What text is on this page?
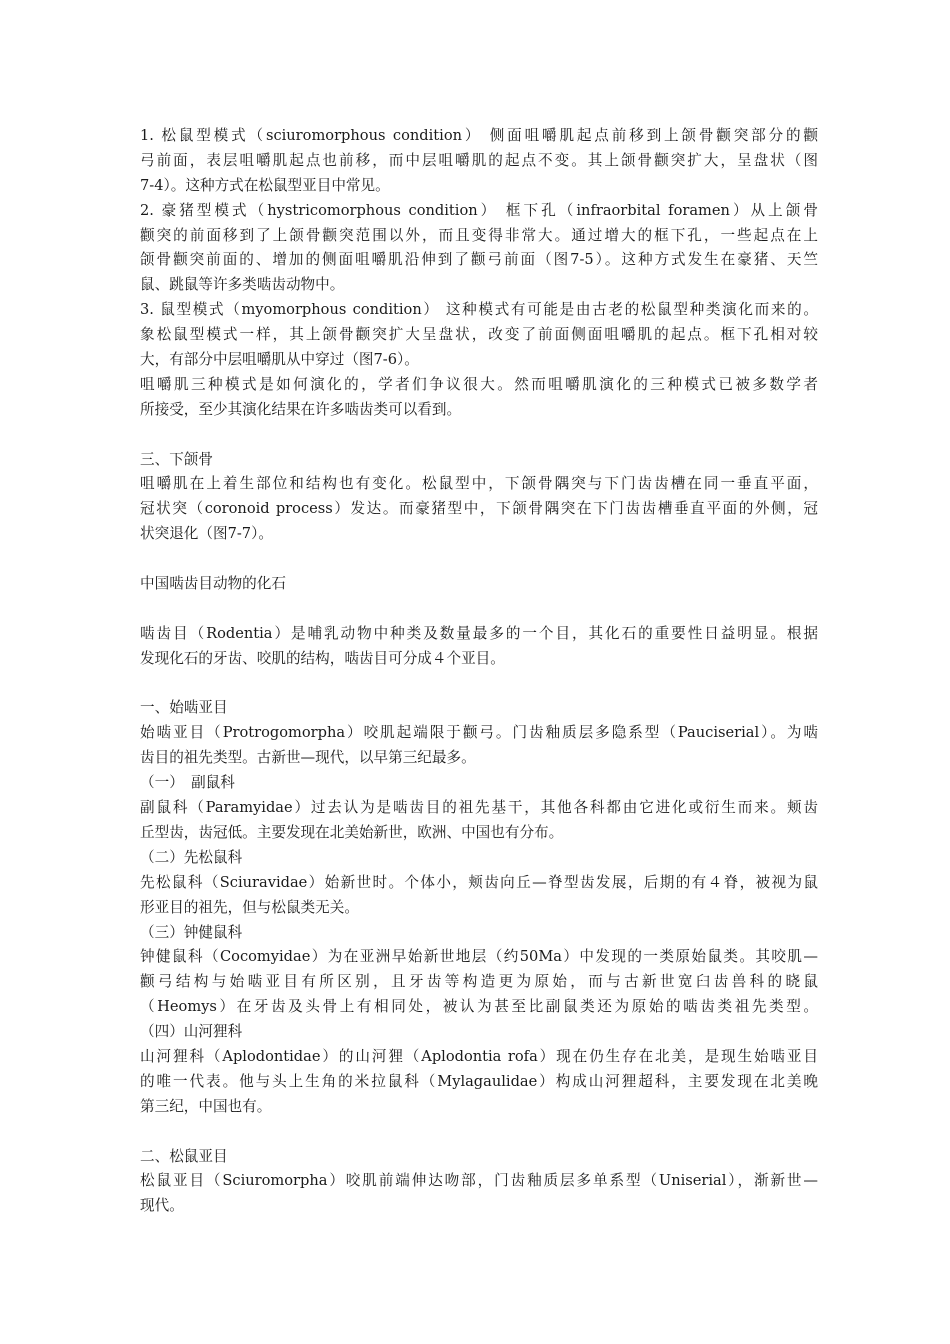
1. 松鼠型模式（sciuromorphous condition） 侧面咀嚼肌起点前移到上颌骨颧突部分的颧
弓前面，表层咀嚼肌起点也前移，而中层咀嚼肌的起点不变。其上颌骨颧突扩大，呈盘状（图
7-4）。这种方式在松鼠型亚目中常见。
2. 豪猪型模式（hystricomorphous condition） 框下孔（infraorbital foramen）从上颌骨
颧突的前面移到了上颌骨颧突范围以外，而且变得非常大。通过增大的框下孔，一些起点在上
颌骨颧突前面的、增加的侧面咀嚼肌沿伸到了颧弓前面（图7-5）。这种方式发生在豪猪、天竺
鼠、跳鼠等许多类啮齿动物中。
3. 鼠型模式（myomorphous condition） 这种模式有可能是由古老的松鼠型种类演化而来的。
象松鼠型模式一样，其上颌骨颧突扩大呈盘状，改变了前面侧面咀嚼肌的起点。框下孔相对较
大，有部分中层咀嚼肌从中穿过（图7-6）。
咀嚼肌三种模式是如何演化的，学者们争议很大。然而咀嚼肌演化的三种模式已被多数学者
所接受，至少其演化结果在许多啮齿类可以看到。
三、下颌骨
咀嚼肌在上着生部位和结构也有变化。松鼠型中，下颌骨隅突与下门齿齿槽在同一垂直平面，
冠状突（coronoid process）发达。而豪猪型中，下颌骨隅突在下门齿齿槽垂直平面的外侧，冠
状突退化（图7-7）。
中国啮齿目动物的化石
啮齿目（Rodentia）是哺乳动物中种类及数量最多的一个目，其化石的重要性日益明显。根据
发现化石的牙齿、咬肌的结构，啮齿目可分成４个亚目。
一、始啮亚目
始啮亚目（Protrogomorpha）咬肌起端限于颧弓。门齿釉质层多隐系型（Pauciserial）。为啮
齿目的祖先类型。古新世—现代，以早第三纪最多。
（一）　副鼠科
副鼠科（Paramyidae）过去认为是啮齿目的祖先基干，其他各科都由它进化或衍生而来。颊齿
丘型齿，齿冠低。主要发现在北美始新世，欧洲、中国也有分布。
（二）先松鼠科
先松鼠科（Sciuravidae）始新世时。个体小，颊齿向丘—脊型齿发展，后期的有４脊，被视为鼠
形亚目的祖先，但与松鼠类无关。
（三）钟健鼠科
钟健鼠科（Cocomyidae）为在亚洲早始新世地层（约50Ma）中发现的一类原始鼠类。其咬肌—
颧弓结构与始啮亚目有所区别，且牙齿等构造更为原始，而与古新世宽臼齿兽科的晓鼠
（Heomys）在牙齿及头骨上有相同处，被认为甚至比副鼠类还为原始的啮齿类祖先类型。
（四）山河狸科
山河狸科（Aplodontidae）的山河狸（Aplodontia rofa）现在仍生存在北美，是现生始啮亚目
的唯一代表。他与头上生角的米拉鼠科（Mylagaulidae）构成山河狸超科，主要发现在北美晚
第三纪，中国也有。
二、松鼠亚目
松鼠亚目（Sciuromorpha）咬肌前端伸达吻部，门齿釉质层多单系型（Uniserial），渐新世—
现代。
